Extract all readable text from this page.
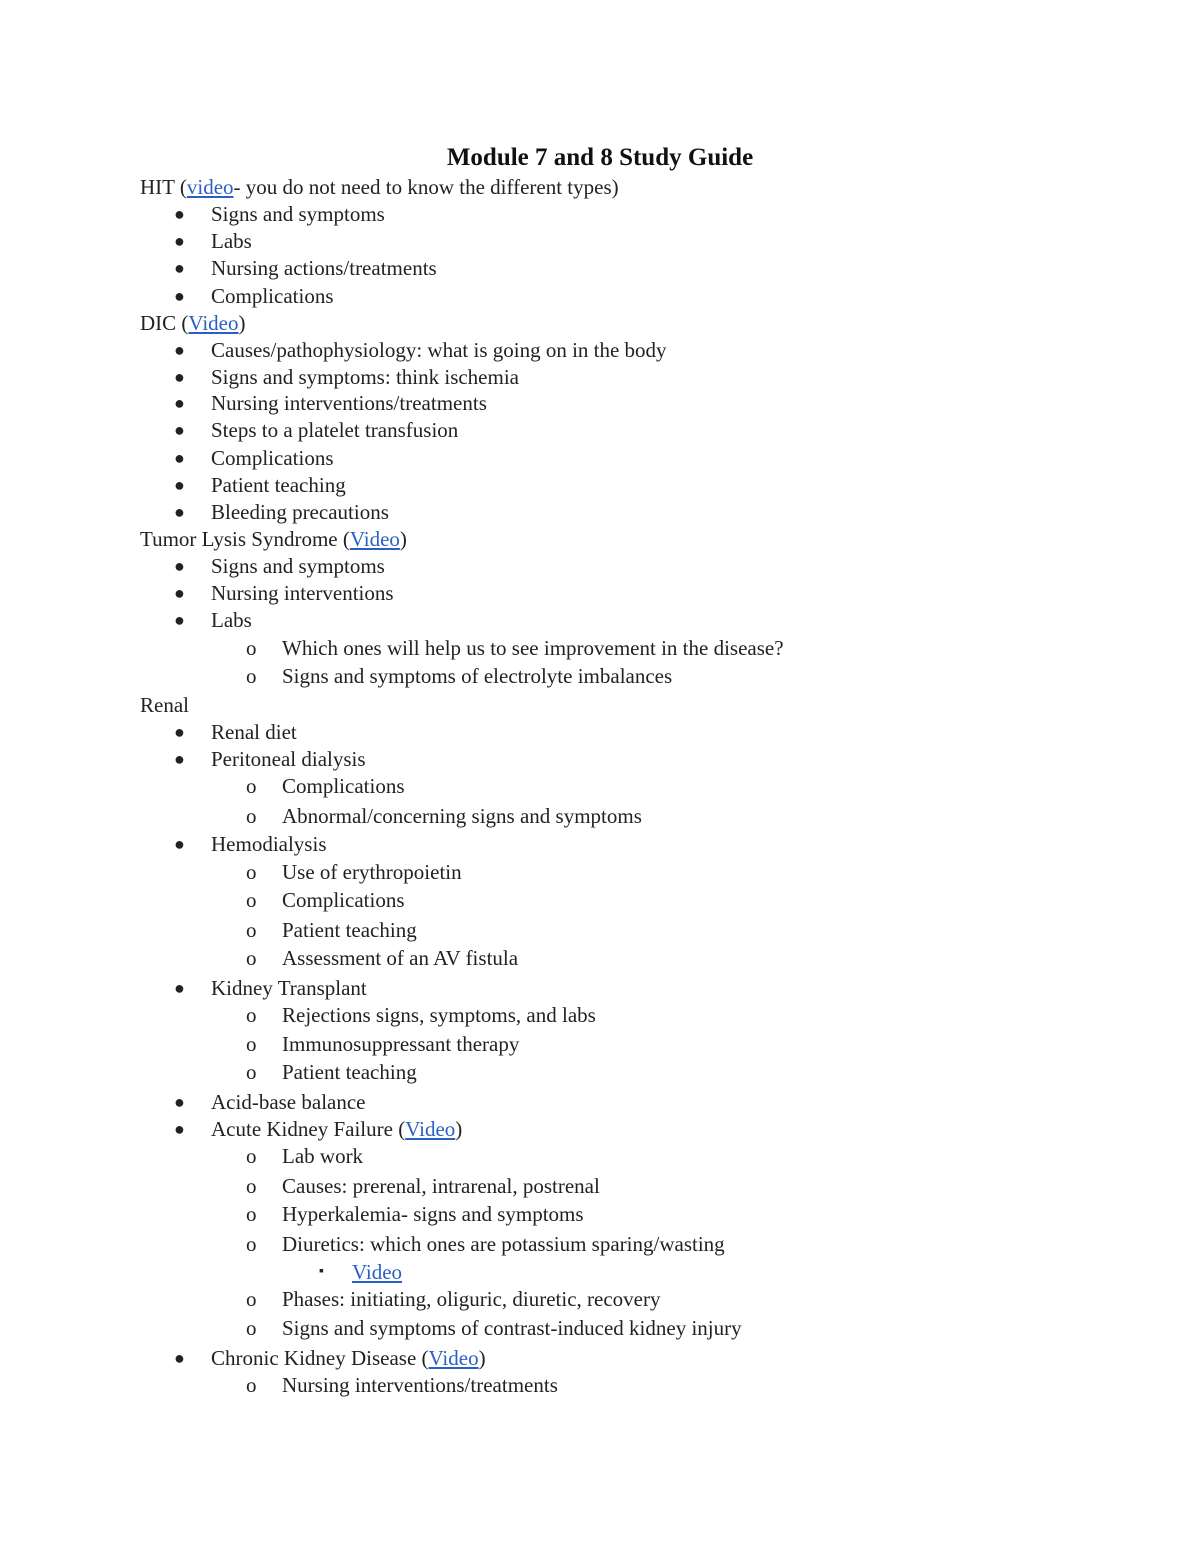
Module 7 and 8 Study Guide
HIT (video- you do not need to know the different types)
● Signs and symptoms
● Labs
● Nursing actions/treatments
● Complications
DIC (Video)
● Causes/pathophysiology: what is going on in the body
● Signs and symptoms: think ischemia
● Nursing interventions/treatments
● Steps to a platelet transfusion
● Complications
● Patient teaching
● Bleeding precautions
Tumor Lysis Syndrome (Video)
● Signs and symptoms
● Nursing interventions
● Labs
o Which ones will help us to see improvement in the disease?
o Signs and symptoms of electrolyte imbalances
Renal
● Renal diet
● Peritoneal dialysis
o Complications
o Abnormal/concerning signs and symptoms
● Hemodialysis
o Use of erythropoietin
o Complications
o Patient teaching
o Assessment of an AV fistula
● Kidney Transplant
o Rejections signs, symptoms, and labs
o Immunosuppressant therapy
o Patient teaching
● Acid-base balance
● Acute Kidney Failure (Video)
o Lab work
o Causes: prerenal, intrarenal, postrenal
o Hyperkalemia- signs and symptoms
o Diuretics: which ones are potassium sparing/wasting
▪ Video
o Phases: initiating, oliguric, diuretic, recovery
o Signs and symptoms of contrast-induced kidney injury
● Chronic Kidney Disease (Video)
o Nursing interventions/treatments
